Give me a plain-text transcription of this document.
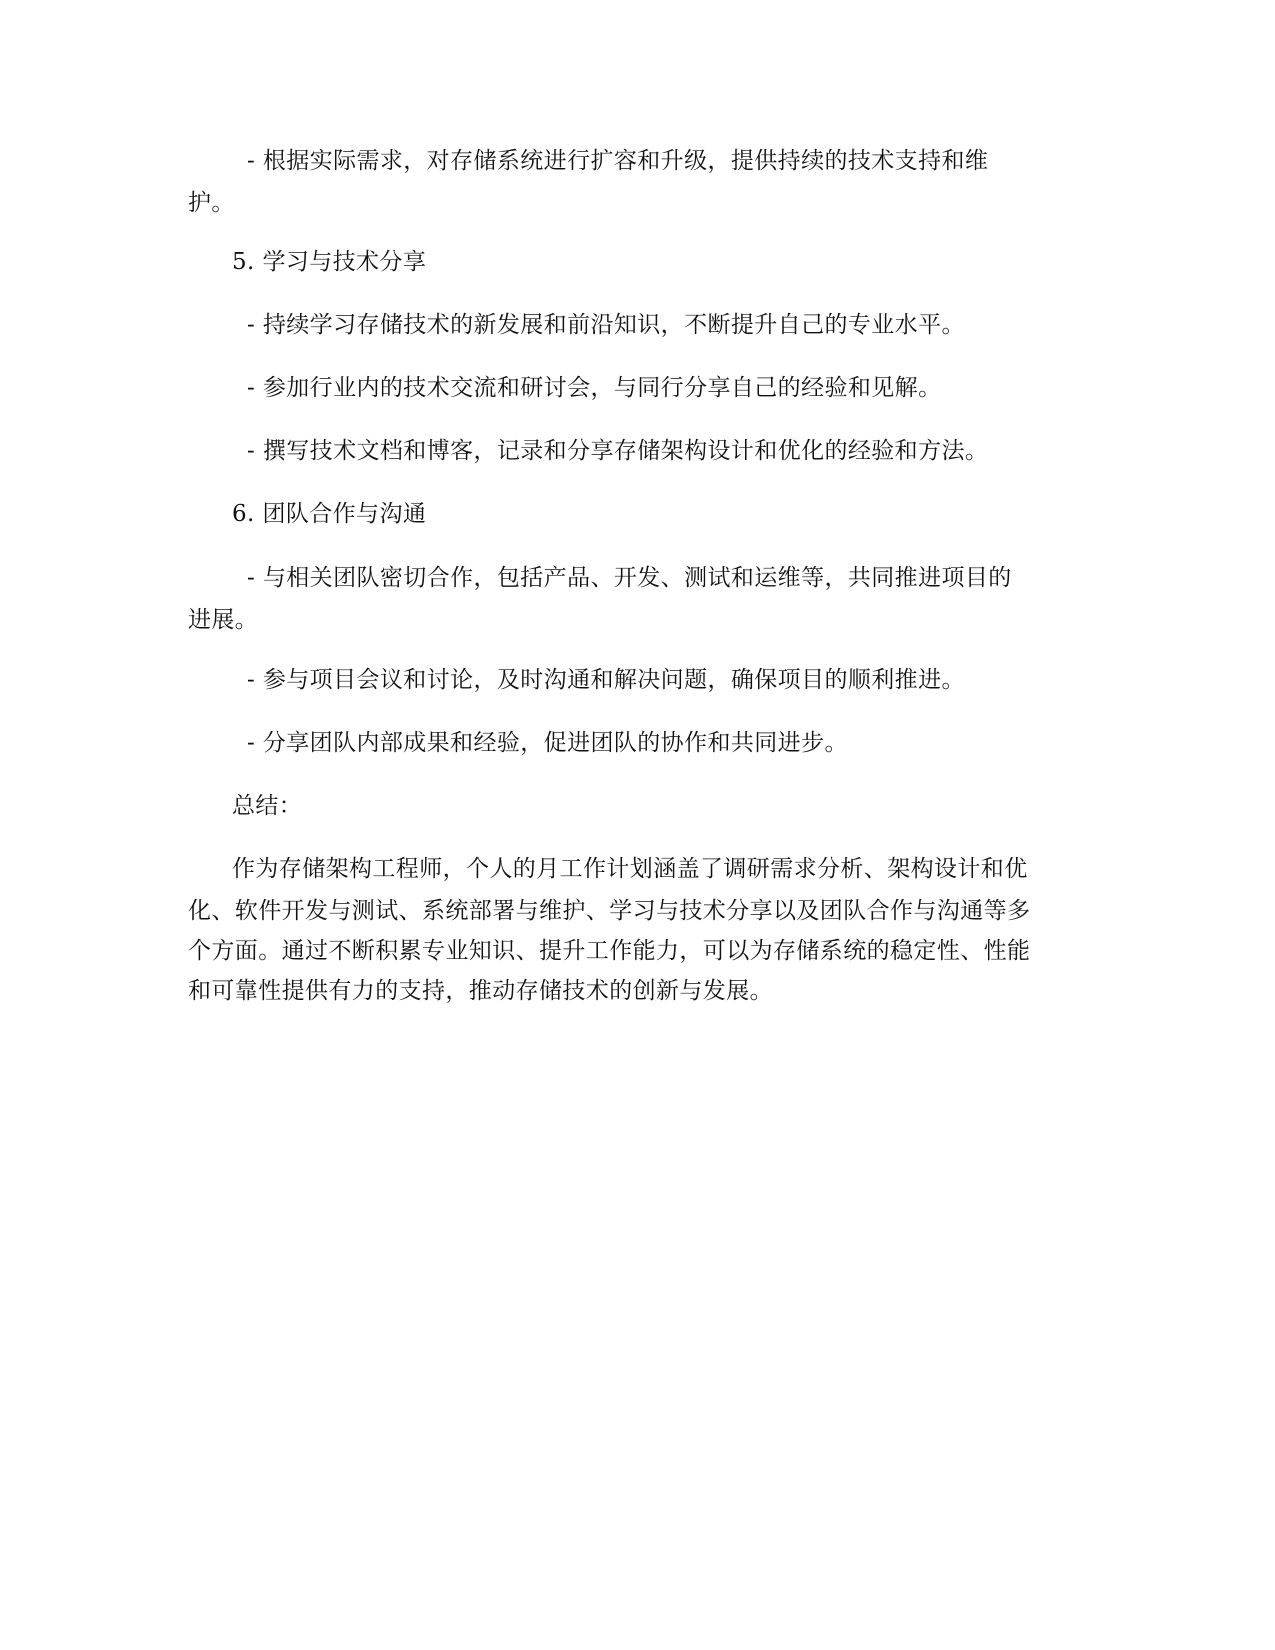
- 根据实际需求，对存储系统进行扩容和升级，提供持续的技术支持和维
护。
5. 学习与技术分享
- 持续学习存储技术的新发展和前沿知识，不断提升自己的专业水平。
- 参加行业内的技术交流和研讨会，与同行分享自己的经验和见解。
- 撰写技术文档和博客，记录和分享存储架构设计和优化的经验和方法。
6. 团队合作与沟通
- 与相关团队密切合作，包括产品、开发、测试和运维等，共同推进项目的
进展。
- 参与项目会议和讨论，及时沟通和解决问题，确保项目的顺利推进。
- 分享团队内部成果和经验，促进团队的协作和共同进步。
总结：
作为存储架构工程师，个人的月工作计划涵盖了调研需求分析、架构设计和优
化、软件开发与测试、系统部署与维护、学习与技术分享以及团队合作与沟通等多
个方面。通过不断积累专业知识、提升工作能力，可以为存储系统的稳定性、性能
和可靠性提供有力的支持，推动存储技术的创新与发展。
